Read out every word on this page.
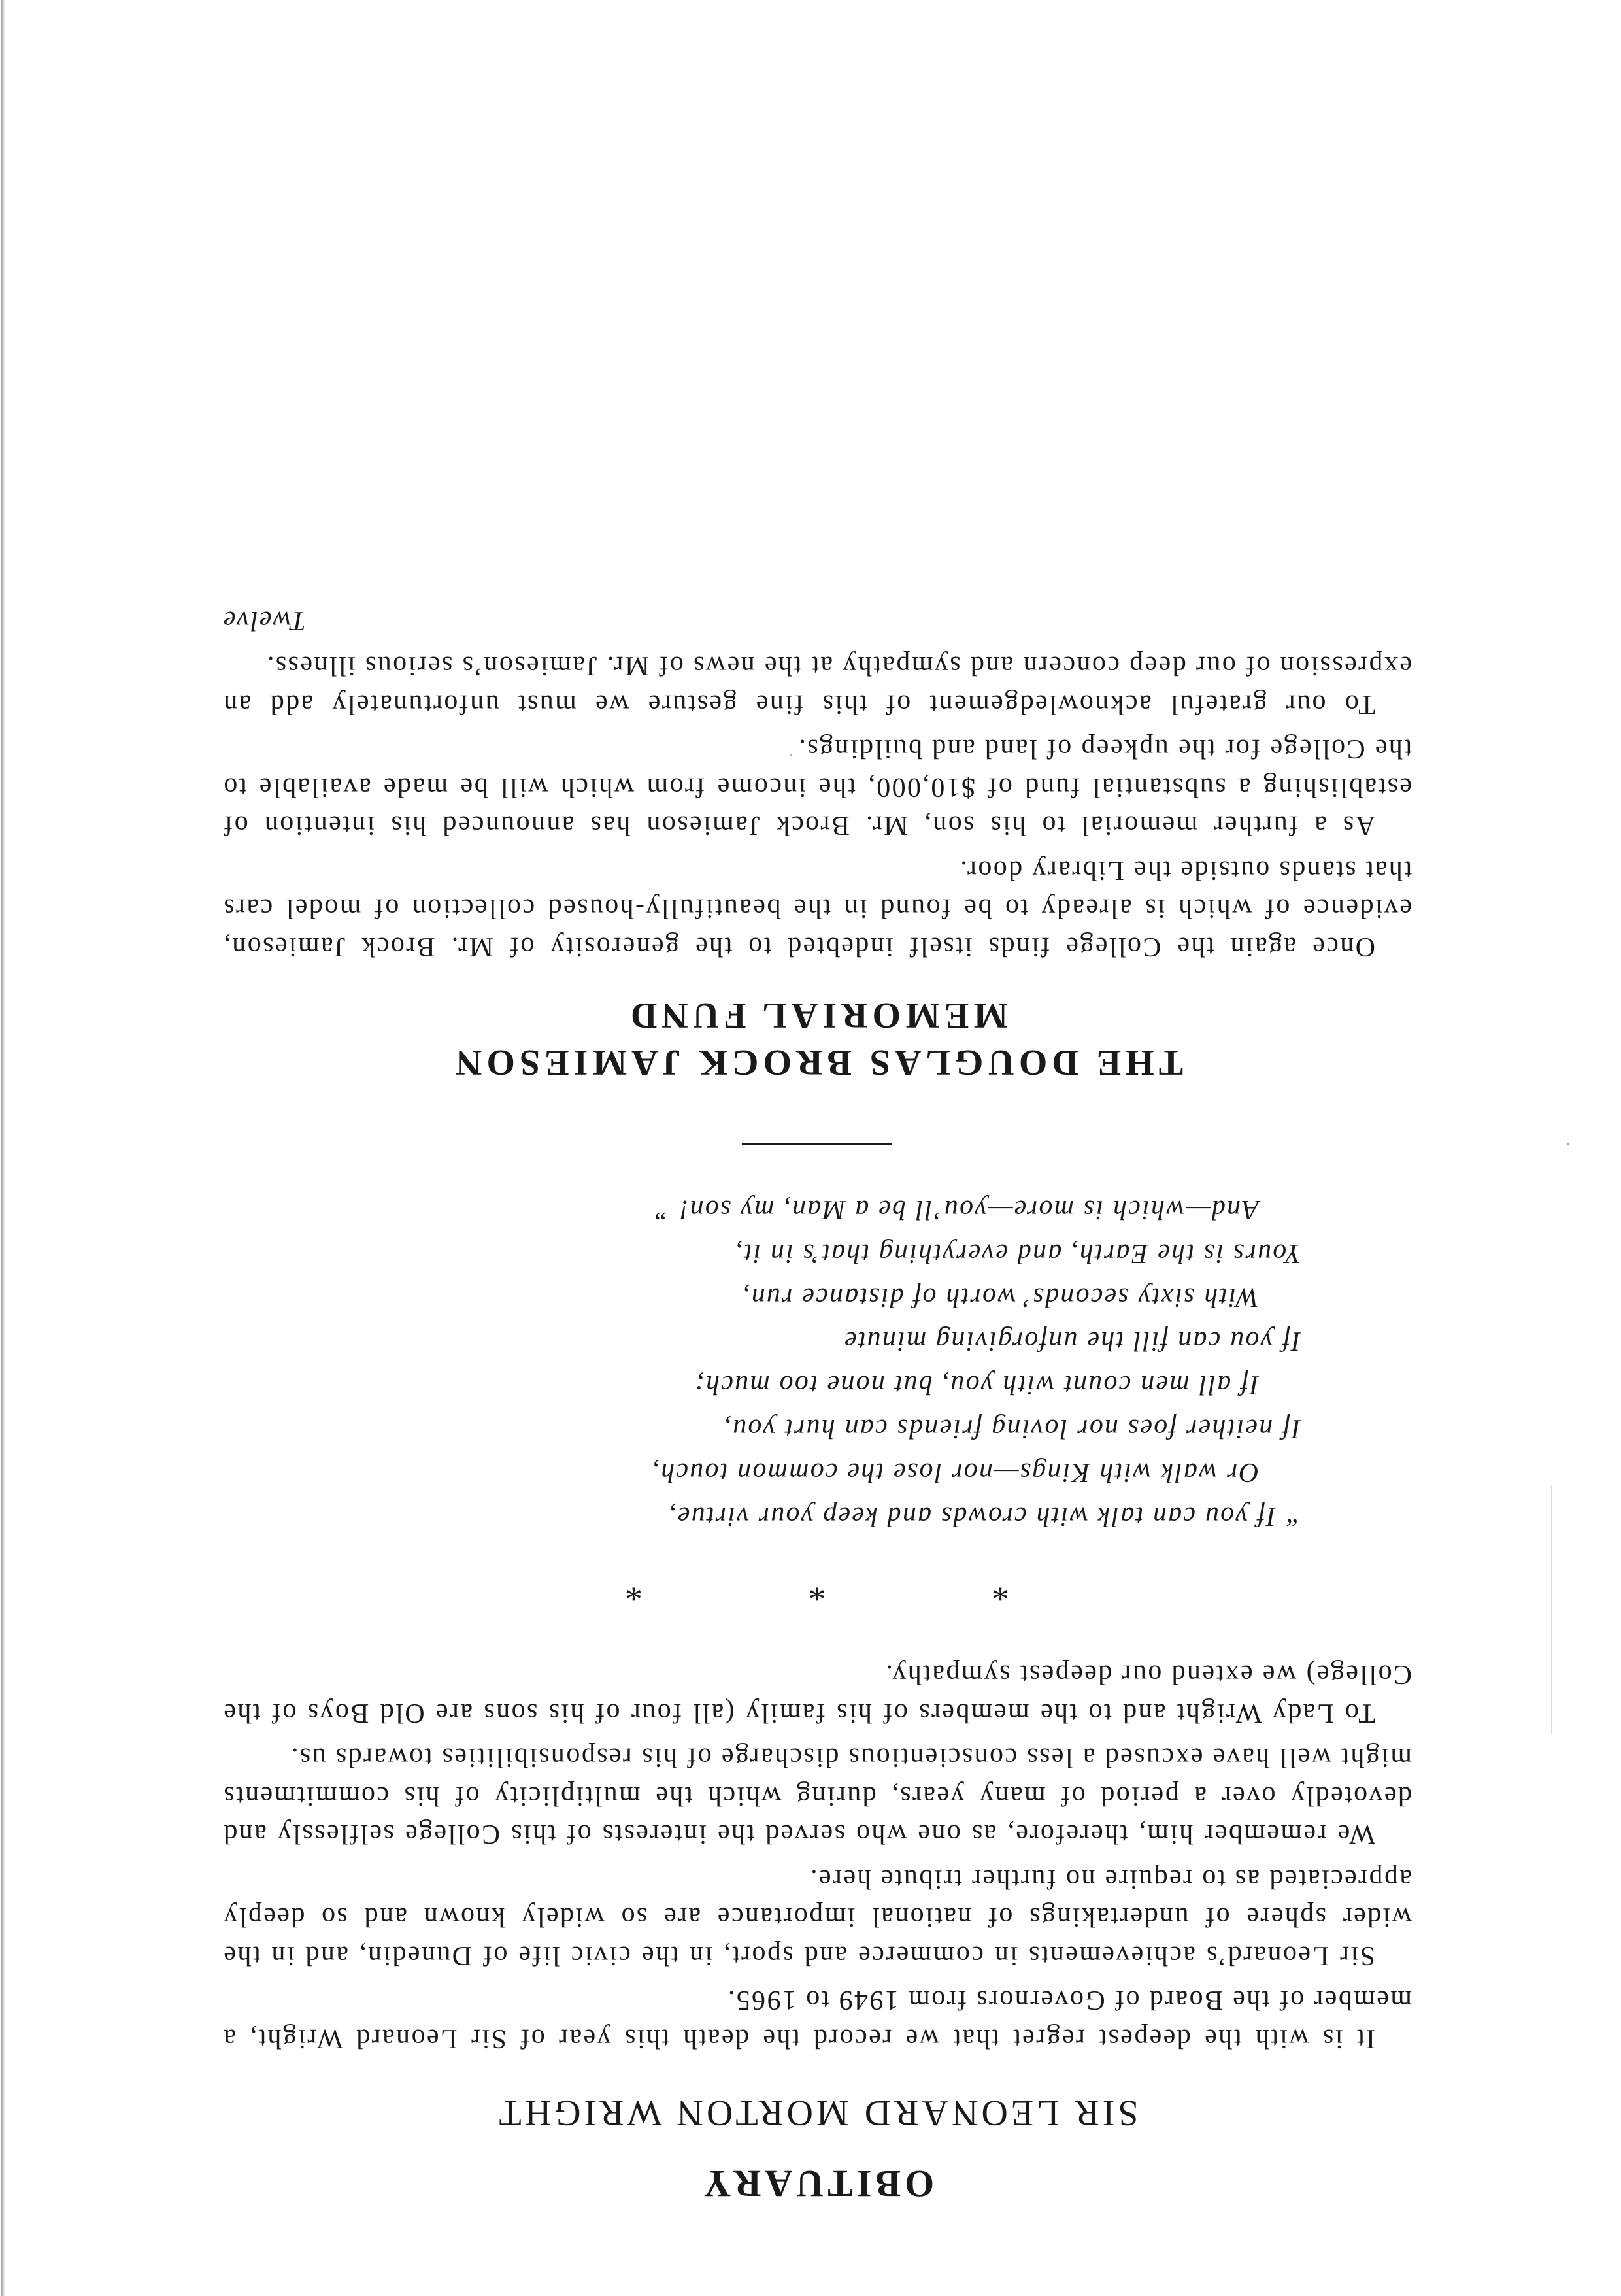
OBITUARY
SIR LEONARD MORTON WRIGHT

It is with the deepest regret that we record the death this year of Sir Leonard Wright, a member of the Board of Governors from 1949 to 1965.

Sir Leonard’s achievements in commerce and sport, in the civic life of Dunedin, and in the wider sphere of undertakings of national importance are so widely known and so deeply appreciated as to require no further tribute here.

We remember him, therefore, as one who served the interests of this College selflessly and devotedly over a period of many years, during which the multiplicity of his commitments might well have excused a less conscientious discharge of his responsibilities towards us.

To Lady Wright and to the members of his family (all four of his sons are Old Boys of the College) we extend our deepest sympathy.

* * *
“ If you can talk with crowds and keep your virtue,
Or walk with Kings—nor lose the common touch,
If neither foes nor loving friends can hurt you,
If all men count with you, but none too much;
If you can fill the unforgiving minute
With sixty seconds’ worth of distance run,
Yours is the Earth, and everything that’s in it,
And—which is more—you’ll be a Man, my son! ”
THE DOUGLAS BROCK JAMIESON
MEMORIAL FUND

Once again the College finds itself indebted to the generosity of Mr. Brock Jamieson, evidence of which is already to be found in the beautifully-housed collection of model cars that stands outside the Library door.

As a further memorial to his son, Mr. Brock Jamieson has announced his intention of establishing a substantial fund of $10,000, the income from which will be made available to the College for the upkeep of land and buildings.

To our grateful acknowledgement of this fine gesture we must unfortunately add an expression of our deep concern and sympathy at the news of Mr. Jamieson’s serious illness.

Twelve
